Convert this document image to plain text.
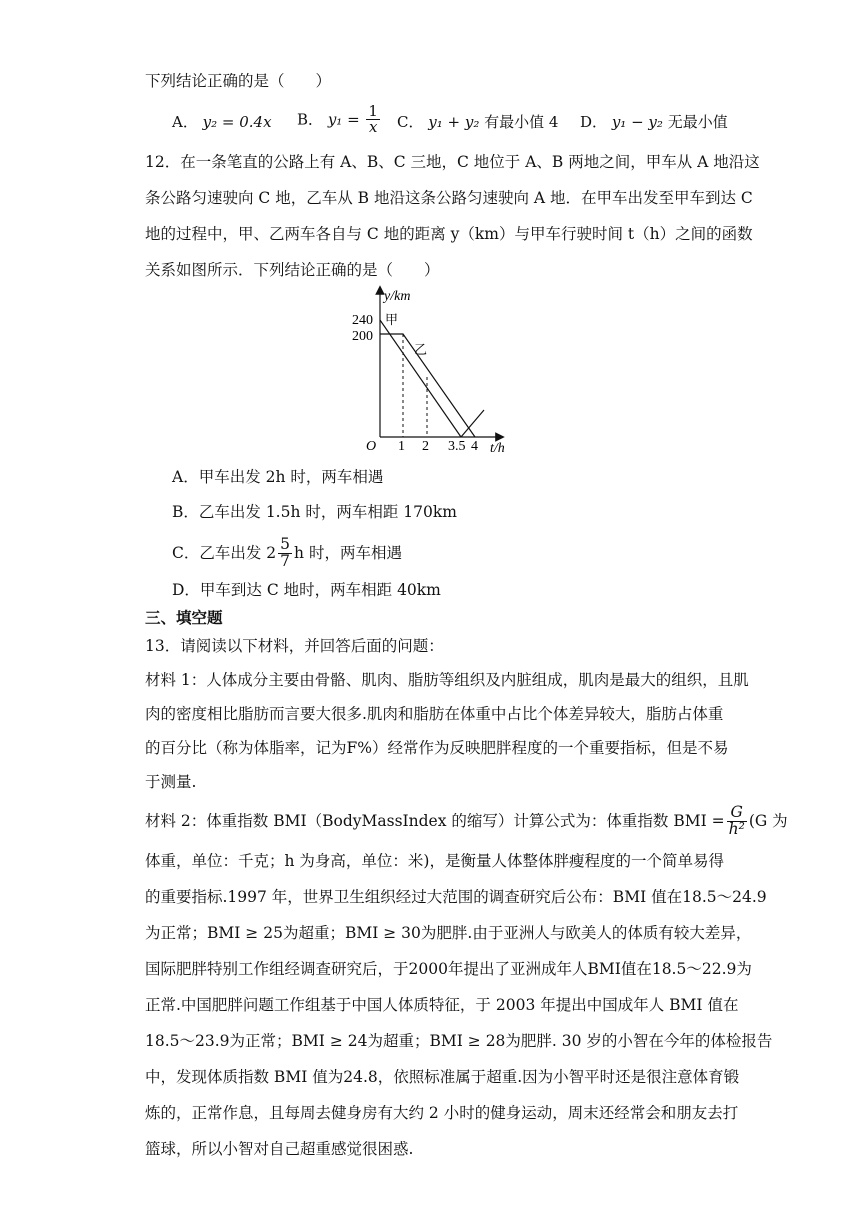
下列结论正确的是（　　）
A． y₂ = 0.4x B． $y_1 = \frac{1}{x}$ C． y₁ + y₂ 有最小值 4 D． y₁ − y₂ 无最小值
12．在一条笔直的公路上有 A、B、C 三地，C 地位于 A、B 两地之间，甲车从 A 地沿这
条公路匀速驶向 C 地，乙车从 B 地沿这条公路匀速驶向 A 地．在甲车出发至甲车到达 C
地的过程中，甲、乙两车各自与 C 地的距离 y（km）与甲车行驶时间 t（h）之间的函数
关系如图所示．下列结论正确的是（　　）
y/km
t/h
O
240
200
1 2 3.5 4
甲
乙
A．甲车出发 2h 时，两车相遇
B．乙车出发 1.5h 时，两车相距 170km
C．乙车出发 $2 \frac{5}{7}$ h 时，两车相遇
D．甲车到达 C 地时，两车相距 40km
三、填空题
13．请阅读以下材料，并回答后面的问题：
材料 1：人体成分主要由骨骼、肌肉、脂肪等组织及内脏组成，肌肉是最大的组织，且肌
肉的密度相比脂肪而言要大很多.肌肉和脂肪在体重中占比个体差异较大，脂肪占体重
的百分比（称为体脂率，记为F%）经常作为反映肥胖程度的一个重要指标，但是不易
于测量.
材料 2：体重指数 BMI（BodyMassIndex 的缩写）计算公式为：体重指数 BMI = $\frac{G}{\text{h²}} (G$ 为
体重，单位：千克；h 为身高，单位：米)，是衡量人体整体胖瘦程度的一个简单易得
的重要指标.1997 年，世界卫生组织经过大范围的调查研究后公布：BMI 值在18.5～24.9
为正常；BMI ≥ 25为超重；BMI ≥ 30为肥胖.由于亚洲人与欧美人的体质有较大差异，
国际肥胖特别工作组经调查研究后，于2000年提出了亚洲成年人BMI值在18.5～22.9为
正常.中国肥胖问题工作组基于中国人体质特征，于 2003 年提出中国成年人 BMI 值在
18.5～23.9为正常；BMI ≥ 24为超重；BMI ≥ 28为肥胖. 30 岁的小智在今年的体检报告
中，发现体质指数 BMI 值为24.8，依照标准属于超重.因为小智平时还是很注意体育锻
炼的，正常作息，且每周去健身房有大约 2 小时的健身运动，周末还经常会和朋友去打
篮球，所以小智对自己超重感觉很困惑.
